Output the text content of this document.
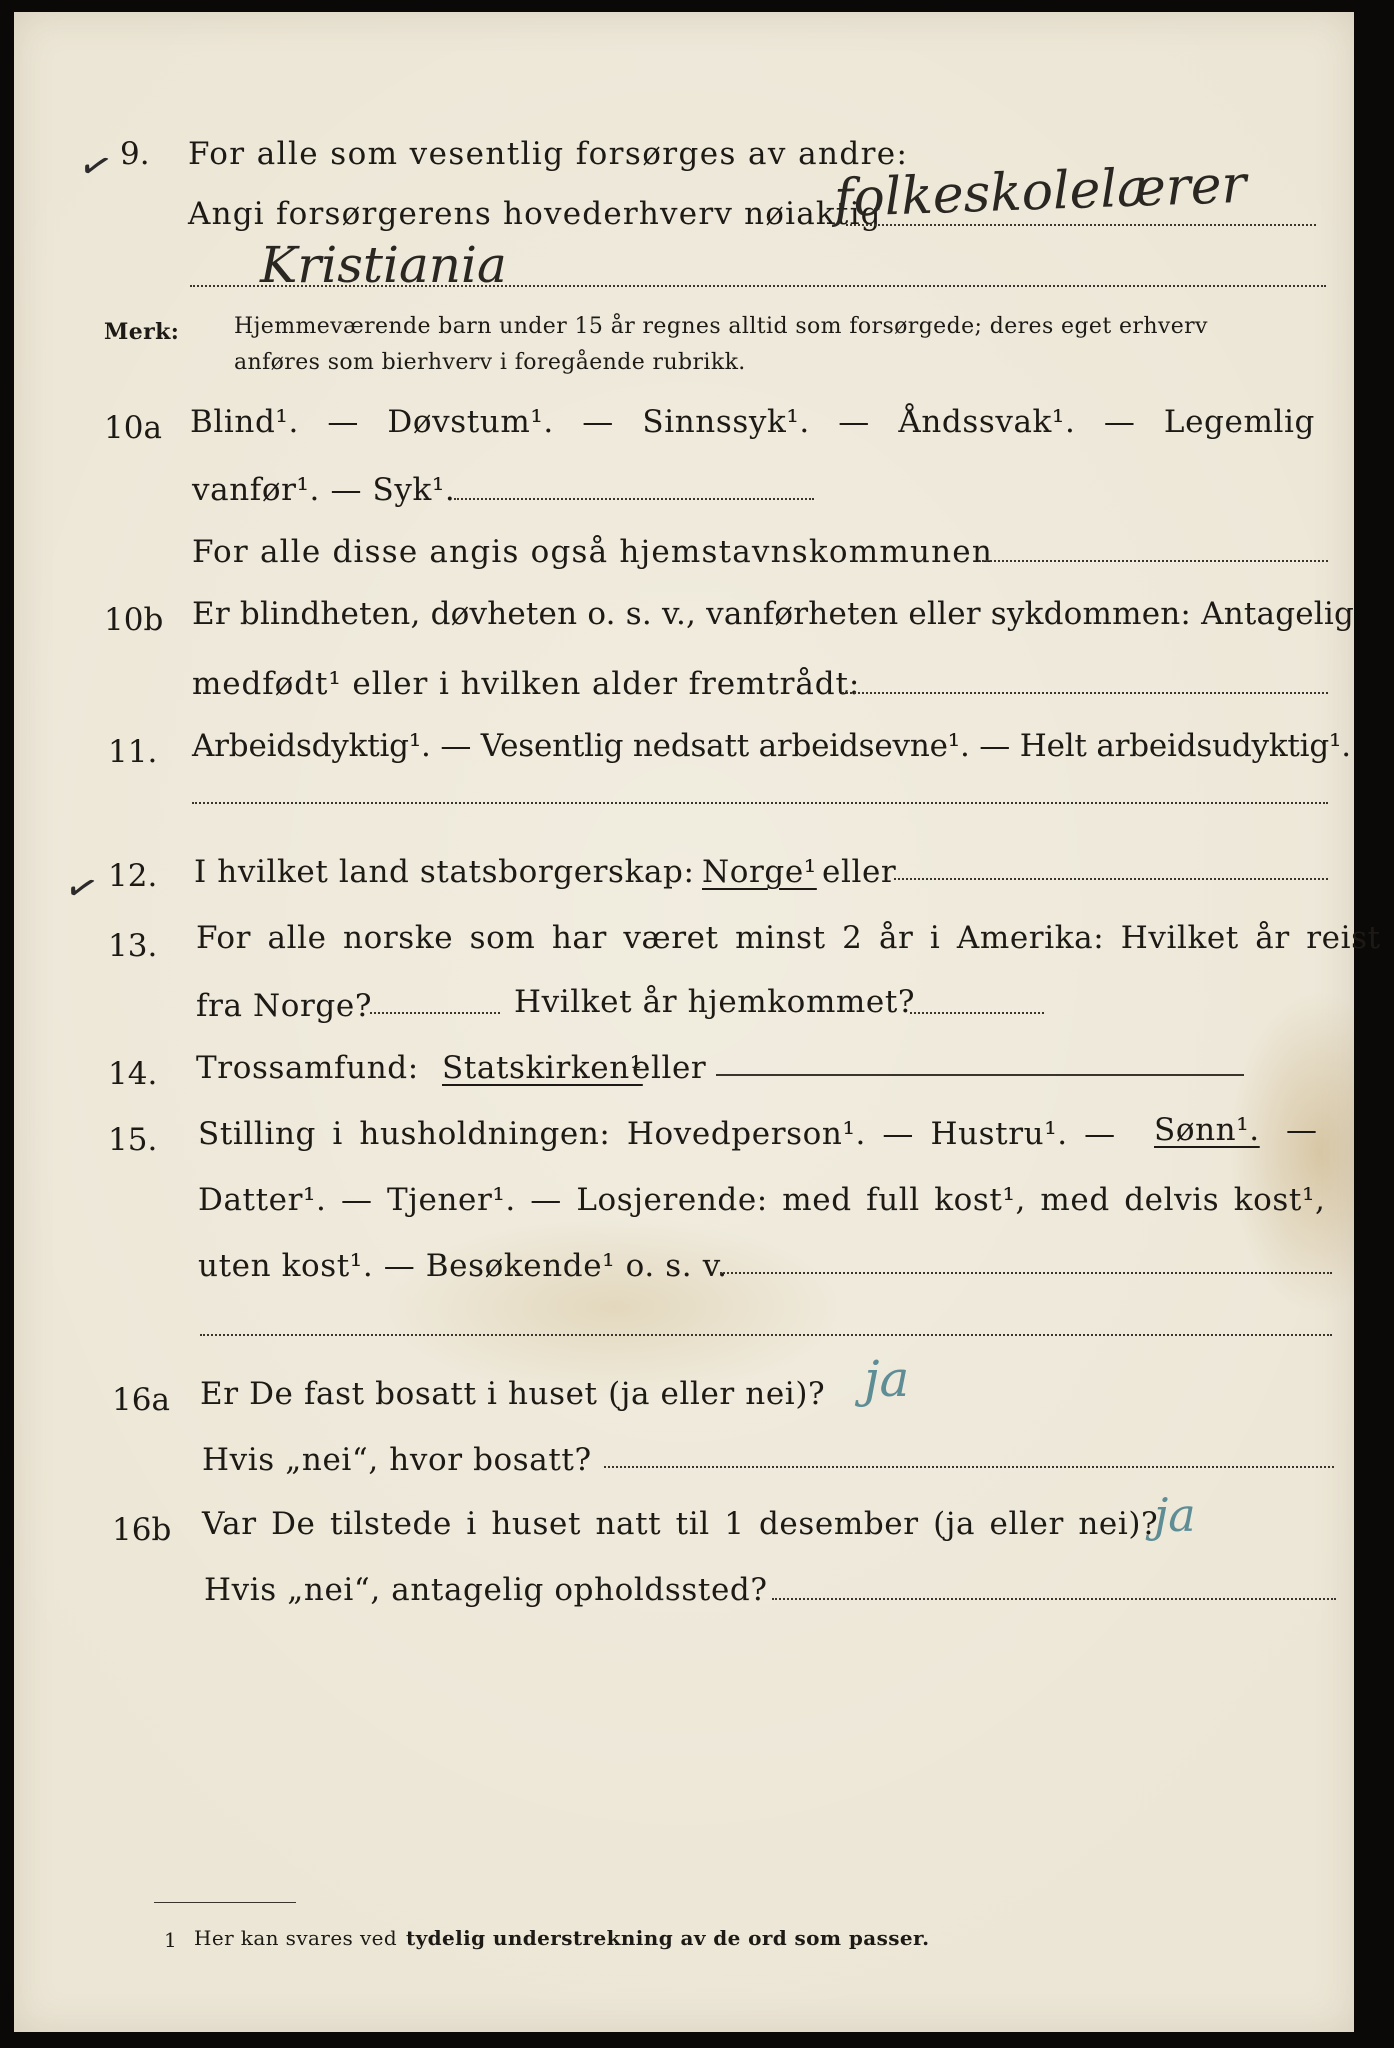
✓ 9. For alle som vesentlig forsørges av andre:
Angi forsørgerens hovederhverv nøiaktig
folkeskolelærer
Kristiania
Merk: Hjemmeværende barn under 15 år regnes alltid som forsørgede; deres eget erhverv
anføres som bierhverv i foregående rubrikk.
10a Blind¹. — Døvstum¹. — Sinnssyk¹. — Åndssvak¹. — Legemlig
vanfør¹. — Syk¹.
For alle disse angis også hjemstavnskommunen
10b Er blindheten, døvheten o. s. v., vanførheten eller sykdommen: Antagelig
medfødt¹ eller i hvilken alder fremtrådt:
11. Arbeidsdyktig¹. — Vesentlig nedsatt arbeidsevne¹. — Helt arbeidsudyktig¹.
✓ 12. I hvilket land statsborgerskap: Norge¹ eller
13. For alle norske som har været minst 2 år i Amerika: Hvilket år reist
fra Norge?	Hvilket år hjemkommet?
14. Trossamfund: Statskirken¹
eller
15. Stilling i husholdningen: Hovedperson¹. — Hustru¹. — Sønn¹. —
Datter¹. — Tjener¹. — Losjerende: med full kost¹, med delvis kost¹,
uten kost¹. — Besøkende¹ o. s. v.
16a Er De fast bosatt i huset (ja eller nei)? ja
Hvis „nei“, hvor bosatt?
16b Var De tilstede i huset natt til 1 desember (ja eller nei)?
ja
Hvis „nei“, antagelig opholdssted?
1 Her kan svares ved tydelig understrekning av de ord som passer.
